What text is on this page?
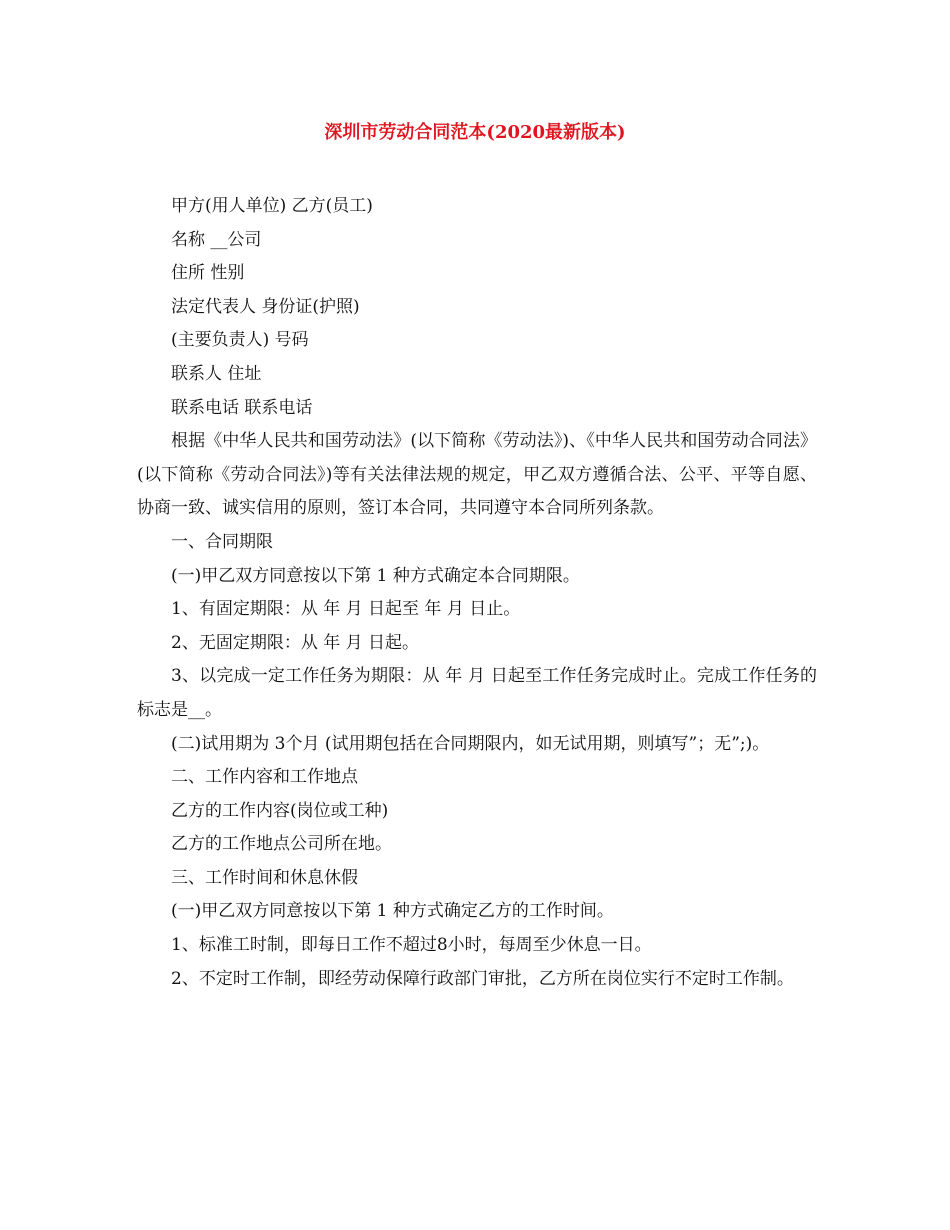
深圳市劳动合同范本(2020最新版本)

甲方(用人单位) 乙方(员工)

名称 __公司

住所 性别

法定代表人 身份证(护照)

(主要负责人) 号码

联系人 住址

联系电话 联系电话

根据《中华人民共和国劳动法》(以下简称《劳动法》)、《中华人民共和国劳动合同法》(以下简称《劳动合同法》)等有关法律法规的规定，甲乙双方遵循合法、公平、平等自愿、协商一致、诚实信用的原则，签订本合同，共同遵守本合同所列条款。

一、合同期限

(一)甲乙双方同意按以下第 1 种方式确定本合同期限。

1、有固定期限：从 年 月 日起至 年 月 日止。

2、无固定期限：从 年 月 日起。

3、以完成一定工作任务为期限：从 年 月 日起至工作任务完成时止。完成工作任务的标志是__。

(二)试用期为 3个月 (试用期包括在合同期限内，如无试用期，则填写”；无”;)。

二、工作内容和工作地点

乙方的工作内容(岗位或工种)

乙方的工作地点公司所在地。

三、工作时间和休息休假

(一)甲乙双方同意按以下第 1 种方式确定乙方的工作时间。

1、标准工时制，即每日工作不超过8小时，每周至少休息一日。

2、不定时工作制，即经劳动保障行政部门审批，乙方所在岗位实行不定时工作制。
